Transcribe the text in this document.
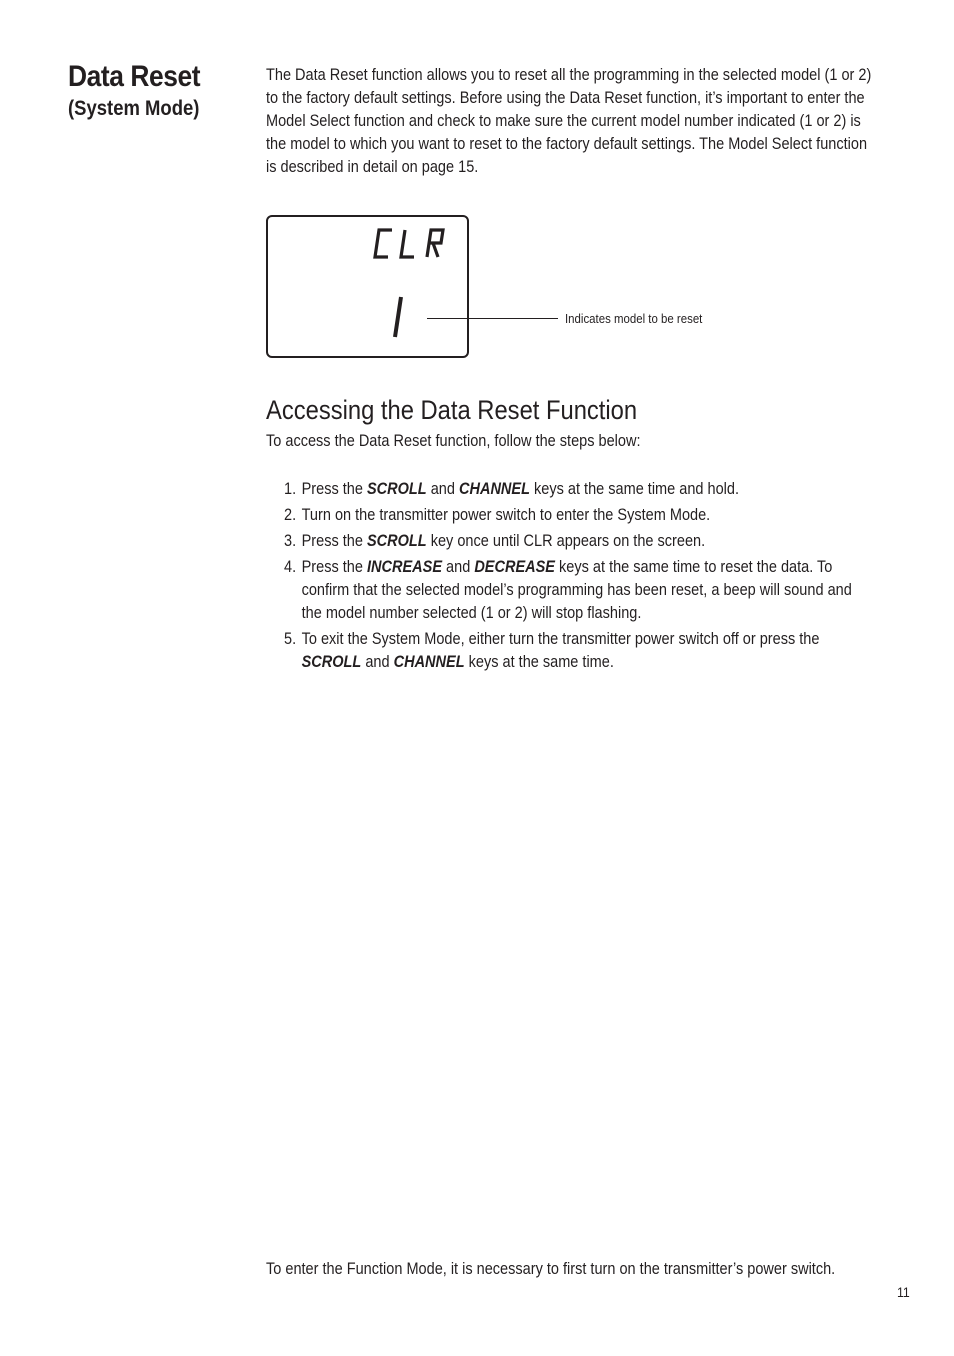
Data Reset
(System Mode)
The Data Reset function allows you to reset all the programming in the selected model (1 or 2) to the factory default settings. Before using the Data Reset function, it’s important to enter the Model Select function and check to make sure the current model number indicated (1 or 2) is the model to which you want to reset to the factory default settings. The Model Select function is described in detail on page 15.
Indicates model to be reset
Accessing the Data Reset Function
To access the Data Reset function, follow the steps below:
1. Press the SCROLL and CHANNEL keys at the same time and hold.
2. Turn on the transmitter power switch to enter the System Mode.
3. Press the SCROLL key once until CLR appears on the screen.
4. Press the INCREASE and DECREASE keys at the same time to reset the data. To confirm that the selected model’s programming has been reset, a beep will sound and the model number selected (1 or 2) will stop flashing.
5. To exit the System Mode, either turn the transmitter power switch off or press the SCROLL and CHANNEL keys at the same time.
To enter the Function Mode, it is necessary to first turn on the transmitter’s power switch.
11
